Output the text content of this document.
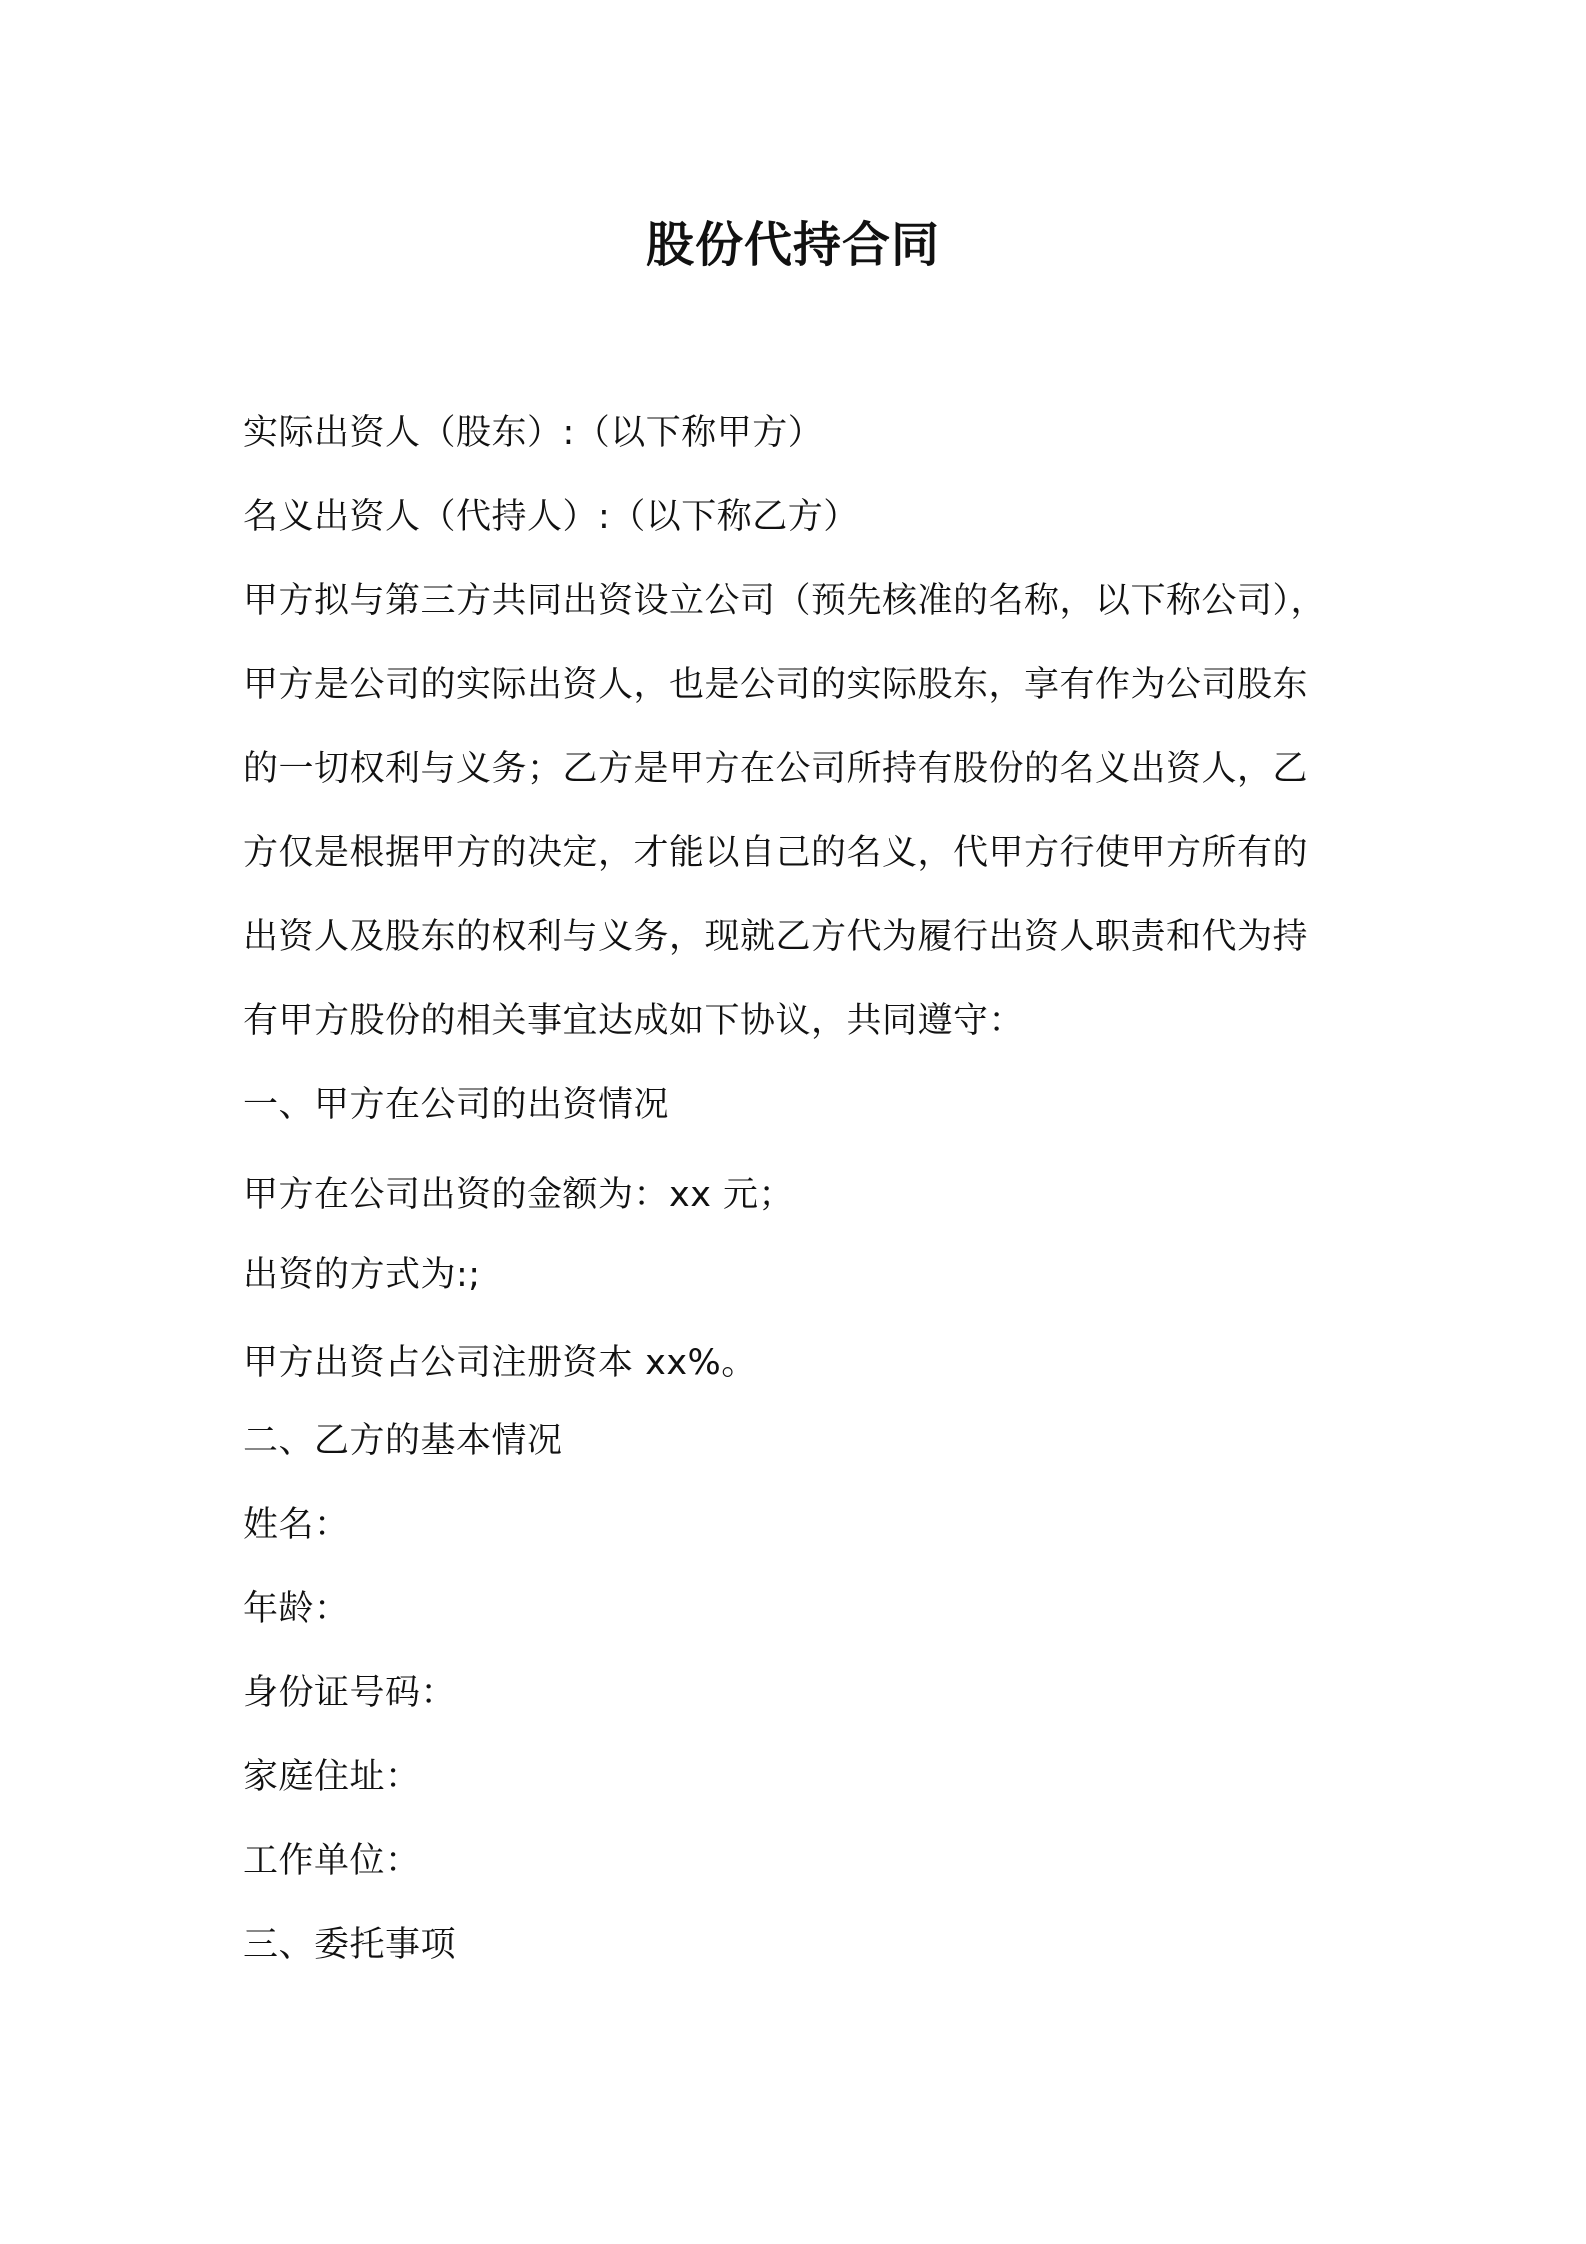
股份代持合同
实际出资人（股东）:（以下称甲方）
名义出资人（代持人）:（以下称乙方）
甲方拟与第三方共同出资设立公司（预先核准的名称，以下称公司），
甲方是公司的实际出资人，也是公司的实际股东，享有作为公司股东
的一切权利与义务；乙方是甲方在公司所持有股份的名义出资人，乙
方仅是根据甲方的决定，才能以自己的名义，代甲方行使甲方所有的
出资人及股东的权利与义务，现就乙方代为履行出资人职责和代为持
有甲方股份的相关事宜达成如下协议，共同遵守：
一、甲方在公司的出资情况
甲方在公司出资的金额为：xx 元；
出资的方式为:;
甲方出资占公司注册资本 xx%。
二、乙方的基本情况
姓名：
年龄：
身份证号码：
家庭住址：
工作单位：
三、委托事项
